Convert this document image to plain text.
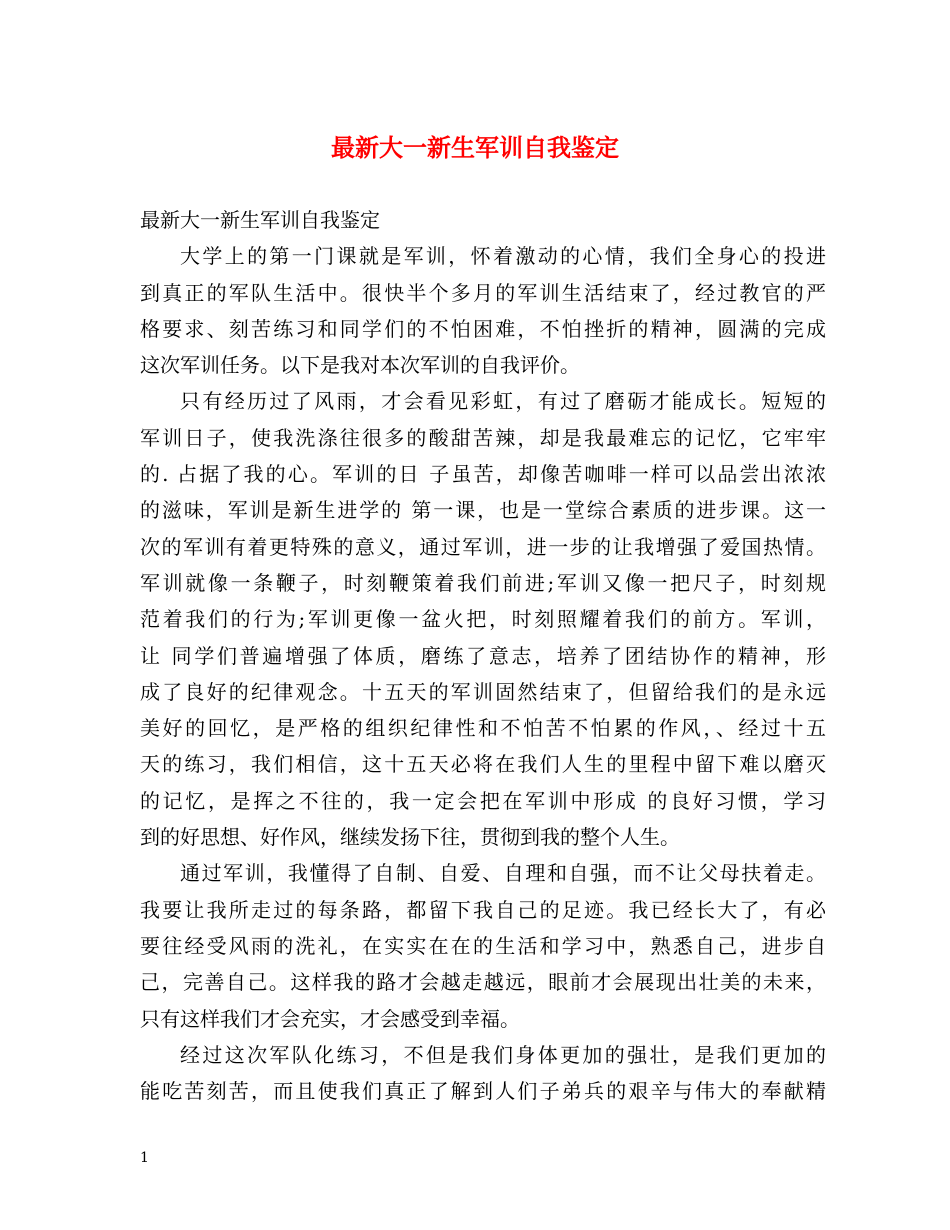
最新大一新生军训自我鉴定
最新大一新生军训自我鉴定
大学上的第一门课就是军训，怀着激动的心情，我们全身心的投进
到真正的军队生活中。很快半个多月的军训生活结束了，经过教官的严
格要求、刻苦练习和同学们的不怕困难，不怕挫折的精神，圆满的完成
这次军训任务。以下是我对本次军训的自我评价。
只有经历过了风雨，才会看见彩虹，有过了磨砺才能成长。短短的
军训日子，使我洗涤往很多的酸甜苦辣，却是我最难忘的记忆，它牢牢
的. 占据了我的心。军训的日 子虽苦，却像苦咖啡一样可以品尝出浓浓
的滋味，军训是新生进学的 第一课，也是一堂综合素质的进步课。这一
次的军训有着更特殊的意义，通过军训，进一步的让我增强了爱国热情。
军训就像一条鞭子，时刻鞭策着我们前进;军训又像一把尺子，时刻规
范着我们的行为;军训更像一盆火把，时刻照耀着我们的前方。军训，
让 同学们普遍增强了体质，磨练了意志，培养了团结协作的精神，形
成了良好的纪律观念。十五天的军训固然结束了，但留给我们的是永远
美好的回忆，是严格的组织纪律性和不怕苦不怕累的作风，、经过十五
天的练习，我们相信，这十五天必将在我们人生的里程中留下难以磨灭
的记忆，是挥之不往的，我一定会把在军训中形成 的良好习惯，学习
到的好思想、好作风，继续发扬下往，贯彻到我的整个人生。
通过军训，我懂得了自制、自爱、自理和自强，而不让父母扶着走。
我要让我所走过的每条路，都留下我自己的足迹。我已经长大了，有必
要往经受风雨的洗礼，在实实在在的生活和学习中，熟悉自己，进步自
己，完善自己。这样我的路才会越走越远，眼前才会展现出壮美的未来，
只有这样我们才会充实，才会感受到幸福。
经过这次军队化练习，不但是我们身体更加的强壮，是我们更加的
能吃苦刻苦，而且使我们真正了解到人们子弟兵的艰辛与伟大的奉献精
1
